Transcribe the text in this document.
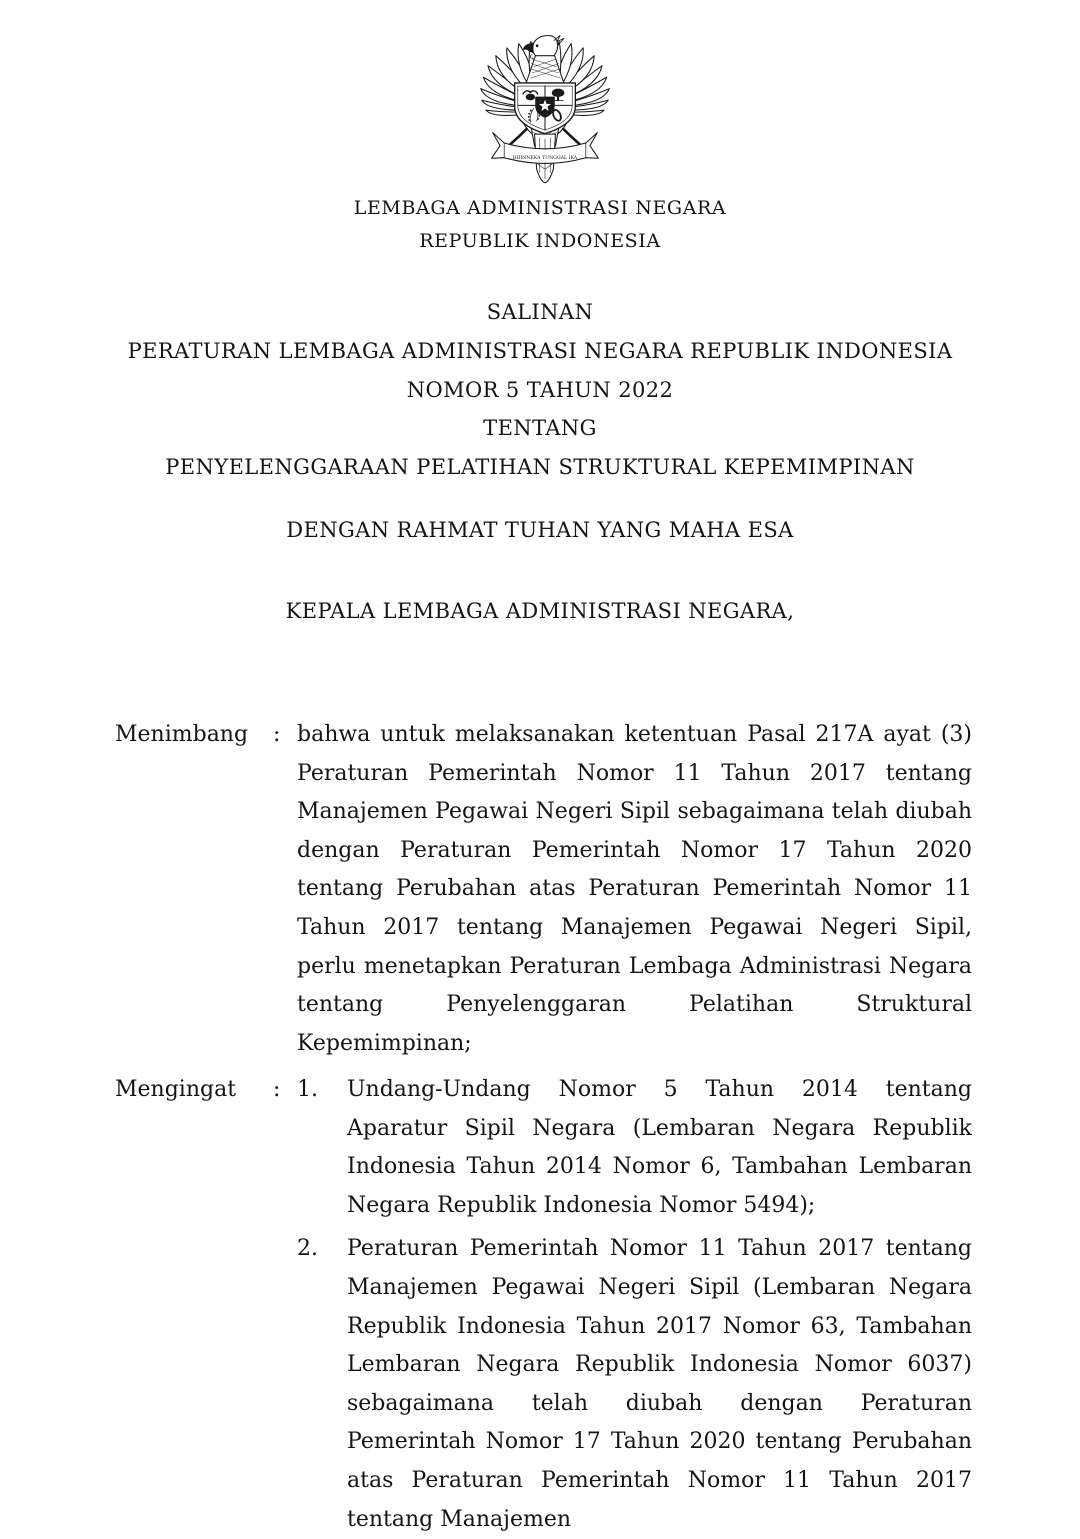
BHINNEKA TUNGGAL IKA
LEMBAGA ADMINISTRASI NEGARA
REPUBLIK INDONESIA
SALINAN
PERATURAN LEMBAGA ADMINISTRASI NEGARA REPUBLIK INDONESIA
NOMOR 5 TAHUN 2022
TENTANG
PENYELENGGARAAN PELATIHAN STRUKTURAL KEPEMIMPINAN
DENGAN RAHMAT TUHAN YANG MAHA ESA
KEPALA LEMBAGA ADMINISTRASI NEGARA,
Menimbang	: bahwa untuk melaksanakan ketentuan Pasal 217A ayat (3) Peraturan Pemerintah Nomor 11 Tahun 2017 tentang Manajemen Pegawai Negeri Sipil sebagaimana telah diubah dengan Peraturan Pemerintah Nomor 17 Tahun 2020 tentang Perubahan atas Peraturan Pemerintah Nomor 11 Tahun 2017 tentang Manajemen Pegawai Negeri Sipil, perlu menetapkan Peraturan Lembaga Administrasi Negara tentang Penyelenggaran Pelatihan Struktural Kepemimpinan;
Mengingat	: 1.	Undang-Undang Nomor 5 Tahun 2014 tentang Aparatur Sipil Negara (Lembaran Negara Republik Indonesia Tahun 2014 Nomor 6, Tambahan Lembaran Negara Republik Indonesia Nomor 5494);
2.	Peraturan Pemerintah Nomor 11 Tahun 2017 tentang Manajemen Pegawai Negeri Sipil (Lembaran Negara Republik Indonesia Tahun 2017 Nomor 63, Tambahan Lembaran Negara Republik Indonesia Nomor 6037) sebagaimana telah diubah dengan Peraturan Pemerintah Nomor 17 Tahun 2020 tentang Perubahan atas Peraturan Pemerintah Nomor 11 Tahun 2017 tentang Manajemen
